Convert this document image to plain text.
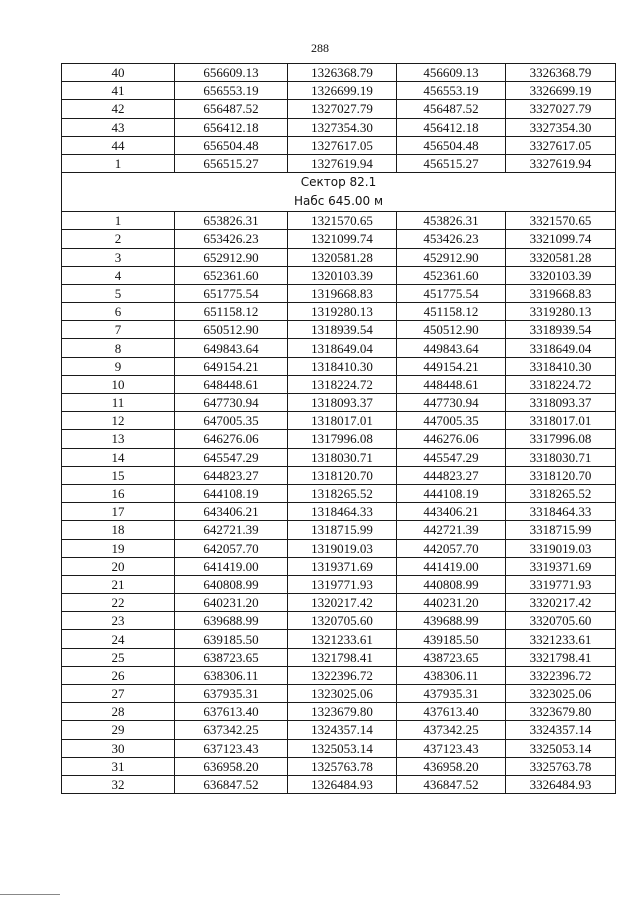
288
40	656609.13	1326368.79	456609.13	3326368.79
41	656553.19	1326699.19	456553.19	3326699.19
42	656487.52	1327027.79	456487.52	3327027.79
43	656412.18	1327354.30	456412.18	3327354.30
44	656504.48	1327617.05	456504.48	3327617.05
1	656515.27	1327619.94	456515.27	3327619.94

Сектор 82.1
Набс 645.00 м				

1	653826.31	1321570.65	453826.31	3321570.65
2	653426.23	1321099.74	453426.23	3321099.74
3	652912.90	1320581.28	452912.90	3320581.28
4	652361.60	1320103.39	452361.60	3320103.39
5	651775.54	1319668.83	451775.54	3319668.83
6	651158.12	1319280.13	451158.12	3319280.13
7	650512.90	1318939.54	450512.90	3318939.54
8	649843.64	1318649.04	449843.64	3318649.04
9	649154.21	1318410.30	449154.21	3318410.30
10	648448.61	1318224.72	448448.61	3318224.72
11	647730.94	1318093.37	447730.94	3318093.37
12	647005.35	1318017.01	447005.35	3318017.01
13	646276.06	1317996.08	446276.06	3317996.08
14	645547.29	1318030.71	445547.29	3318030.71
15	644823.27	1318120.70	444823.27	3318120.70
16	644108.19	1318265.52	444108.19	3318265.52
17	643406.21	1318464.33	443406.21	3318464.33
18	642721.39	1318715.99	442721.39	3318715.99
19	642057.70	1319019.03	442057.70	3319019.03
20	641419.00	1319371.69	441419.00	3319371.69
21	640808.99	1319771.93	440808.99	3319771.93
22	640231.20	1320217.42	440231.20	3320217.42
23	639688.99	1320705.60	439688.99	3320705.60
24	639185.50	1321233.61	439185.50	3321233.61
25	638723.65	1321798.41	438723.65	3321798.41
26	638306.11	1322396.72	438306.11	3322396.72
27	637935.31	1323025.06	437935.31	3323025.06
28	637613.40	1323679.80	437613.40	3323679.80
29	637342.25	1324357.14	437342.25	3324357.14
30	637123.43	1325053.14	437123.43	3325053.14
31	636958.20	1325763.78	436958.20	3325763.78
32	636847.52	1326484.93	436847.52	3326484.93
